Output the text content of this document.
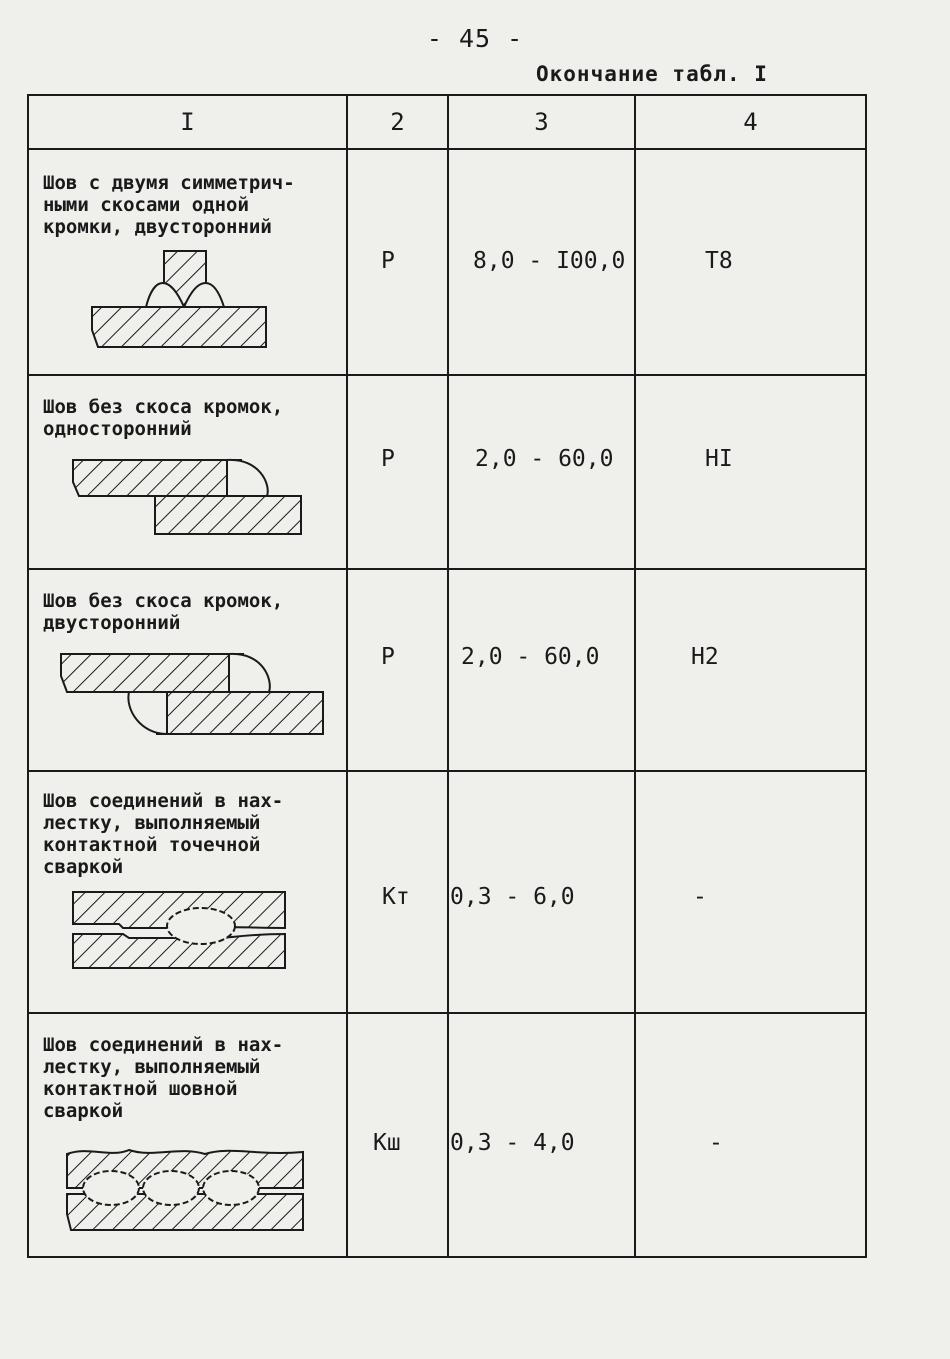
- 45 -
Окончание табл. I
I	2	3	4
Шов с двумя симметрич-
ными скосами одной
кромки, двусторонний
Р	8,0 - I00,0	T8
Шов без скоса кромок,
односторонний
Р	2,0 - 60,0	HI
Шов без скоса кромок,
двусторонний
Р	2,0 - 60,0	H2
Шов соединений в нах-
лестку, выполняемый
контактной точечной
сваркой
Кт 0,3 - 6,0	-
Шов соединений в нах-
лестку, выполняемый
контактной шовной
сваркой
Кш 0,3 - 4,0	-
